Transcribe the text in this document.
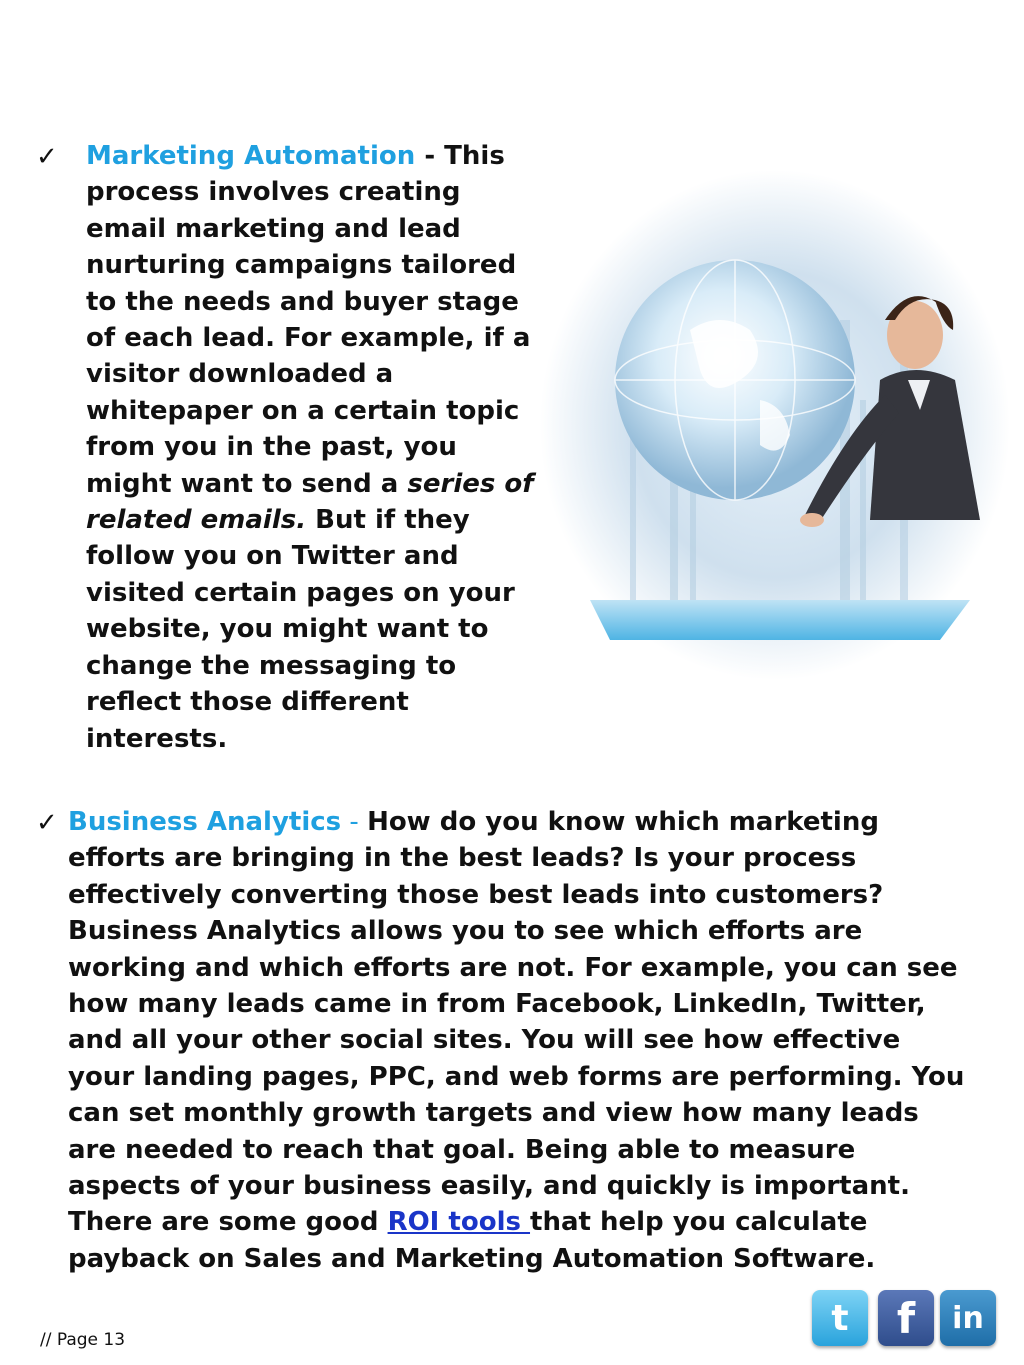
✓ Marketing Automation - This process involves creating email marketing and lead nurturing campaigns tailored to the needs and buyer stage of each lead. For example, if a visitor downloaded a whitepaper on a certain topic from you in the past, you might want to send a series of related emails. But if they follow you on Twitter and visited certain pages on your website, you might want to change the messaging to reflect those different interests.
✓ Business Analytics - How do you know which marketing efforts are bringing in the best leads? Is your process effectively converting those best leads into customers? Business Analytics allows you to see which efforts are working and which efforts are not. For example, you can see how many leads came in from Facebook, LinkedIn, Twitter, and all your other social sites. You will see how effective your landing pages, PPC, and web forms are performing. You can set monthly growth targets and view how many leads are needed to reach that goal. Being able to measure aspects of your business easily, and quickly is important. There are some good ROI tools that help you calculate payback on Sales and Marketing Automation Software.
// Page 13
t	f	in
